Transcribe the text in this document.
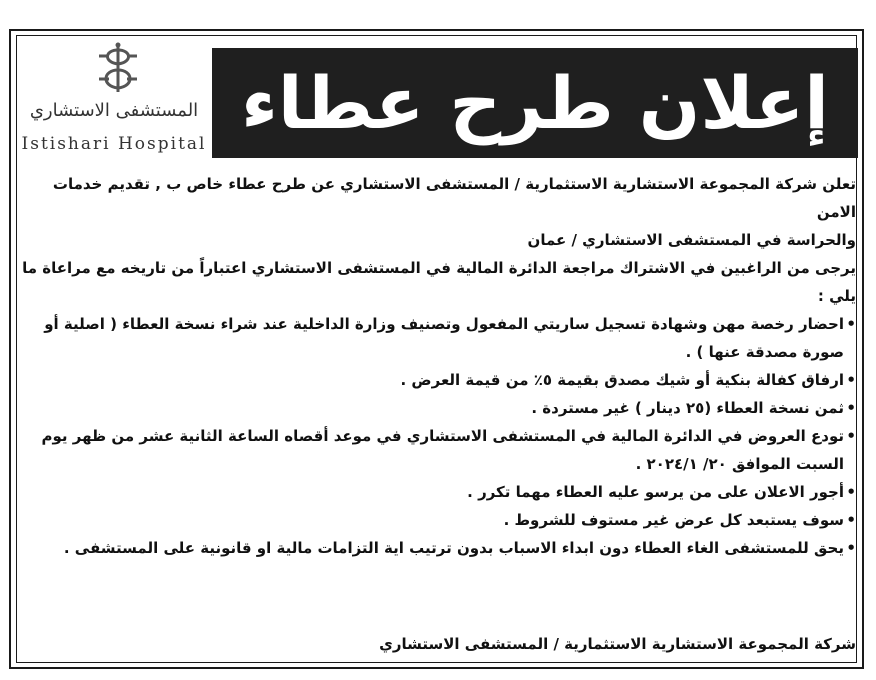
المستشفى الاستشاري
Istishari Hospital إعلان طرح عطاء

تعلن شركة المجموعة الاستشارية الاستثمارية / المستشفى الاستشاري عن طرح عطاء خاص ب , تقديم خدمات الامن

والحراسة في المستشفى الاستشاري / عمان

يرجى من الراغبين في الاشتراك مراجعة الدائرة المالية في المستشفى الاستشاري اعتباراً من تاريخه مع مراعاة ما يلي :

• احضار رخصة مهن وشهادة تسجيل ساريتي المفعول وتصنيف وزارة الداخلية عند شراء نسخة العطاء ( اصلية أو صورة مصدقة عنها ) .
• ارفاق كفالة بنكية أو شيك مصدق بقيمة ٥٪ من قيمة العرض .
• ثمن نسخة العطاء (٢٥ دينار ) غير مستردة .
• تودع العروض في الدائرة المالية في المستشفى الاستشاري في موعد أقصاه الساعة الثانية عشر من ظهر يوم السبت الموافق ٢٠/ ٢٠٢٤/١ .
• أجور الاعلان على من يرسو عليه العطاء مهما تكرر .
• سوف يستبعد كل عرض غير مستوف للشروط .
• يحق للمستشفى الغاء العطاء دون ابداء الاسباب بدون ترتيب اية التزامات مالية او قانونية على المستشفى .
شركة المجموعة الاستشارية الاستثمارية / المستشفى الاستشاري
